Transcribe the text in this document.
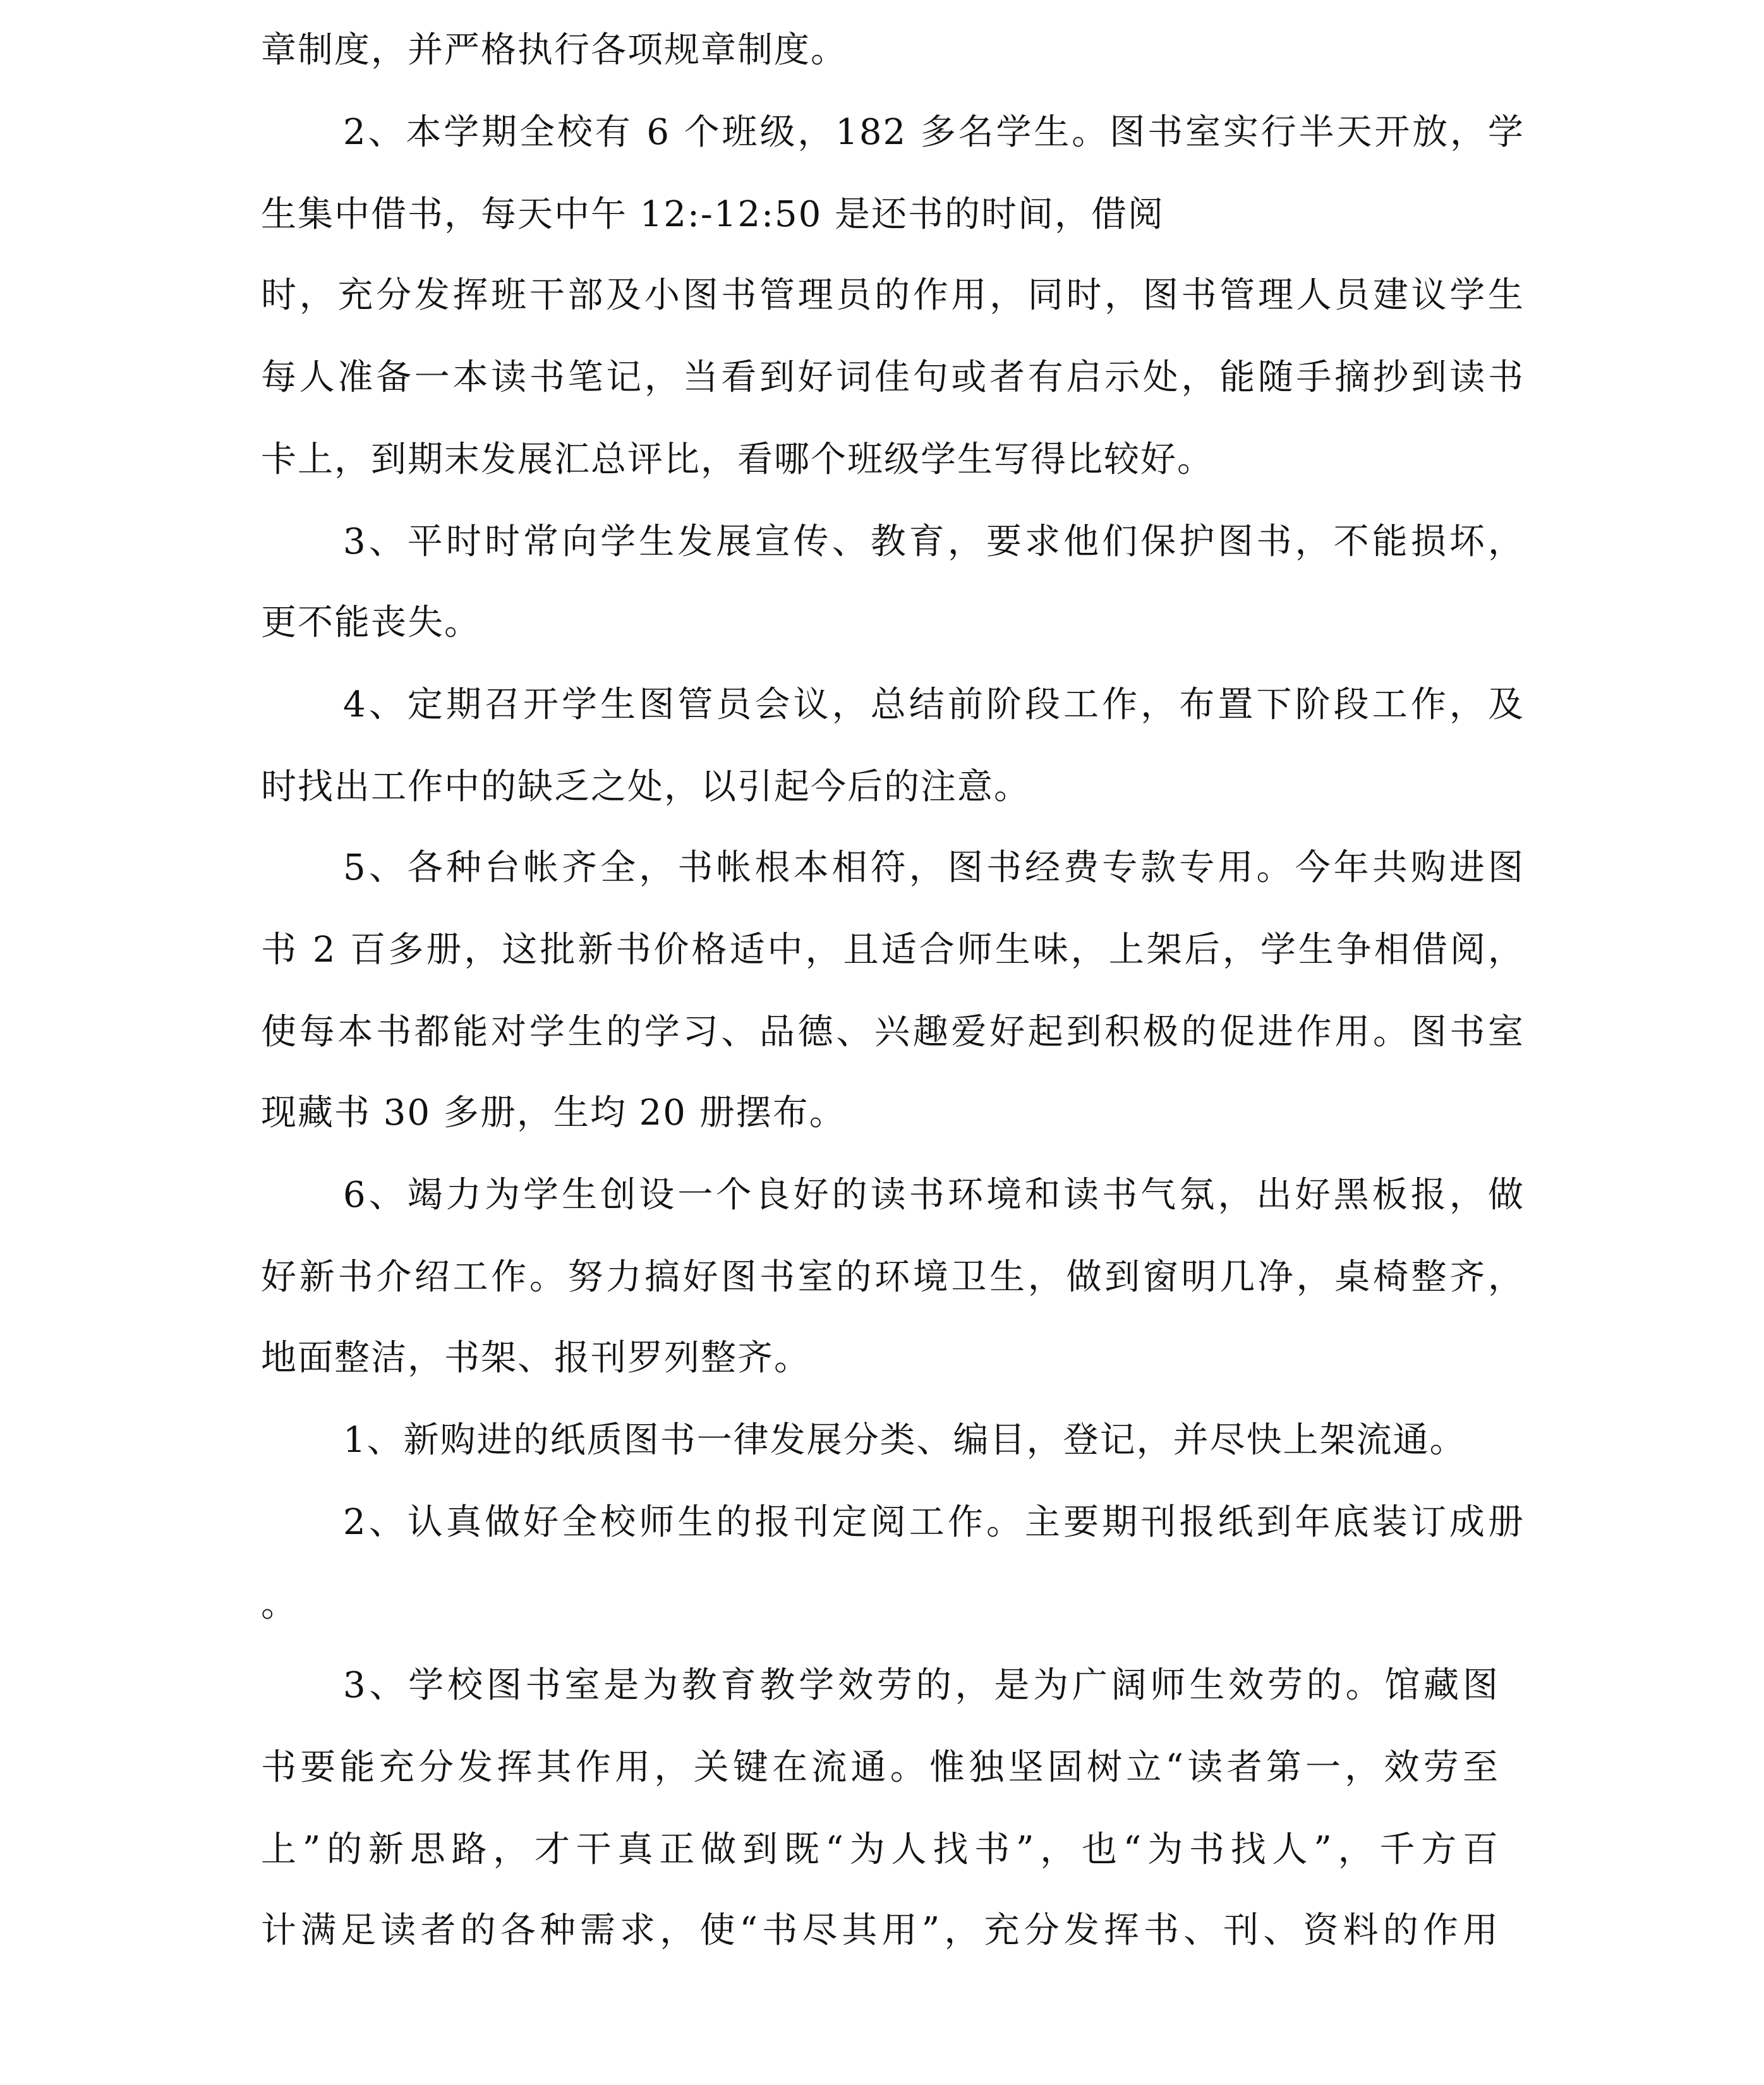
章制度，并严格执行各项规章制度。
2、本学期全校有 6 个班级，182 多名学生。图书室实行半天开放，学
生集中借书，每天中午 12:-12:50 是还书的时间，借阅
时，充分发挥班干部及小图书管理员的作用，同时，图书管理人员建议学生
每人准备一本读书笔记，当看到好词佳句或者有启示处，能随手摘抄到读书
卡上，到期末发展汇总评比，看哪个班级学生写得比较好。
3、平时时常向学生发展宣传、教育，要求他们保护图书，不能损坏，
更不能丧失。
4、定期召开学生图管员会议，总结前阶段工作，布置下阶段工作，及
时找出工作中的缺乏之处，以引起今后的注意。
5、各种台帐齐全，书帐根本相符，图书经费专款专用。今年共购进图
书 2 百多册，这批新书价格适中，且适合师生味，上架后，学生争相借阅，
使每本书都能对学生的学习、品德、兴趣爱好起到积极的促进作用。图书室
现藏书 30 多册，生均 20 册摆布。
6、竭力为学生创设一个良好的读书环境和读书气氛，出好黑板报，做
好新书介绍工作。努力搞好图书室的环境卫生，做到窗明几净，桌椅整齐，
地面整洁，书架、报刊罗列整齐。
1、新购进的纸质图书一律发展分类、编目，登记，并尽快上架流通。
2、认真做好全校师生的报刊定阅工作。主要期刊报纸到年底装订成册
。
3、学校图书室是为教育教学效劳的，是为广阔师生效劳的。馆藏图
书要能充分发挥其作用，关键在流通。惟独坚固树立“读者第一，效劳至
上”的新思路，才干真正做到既“为人找书”，也“为书找人”，千方百
计满足读者的各种需求，使“书尽其用”，充分发挥书、刊、资料的作用
